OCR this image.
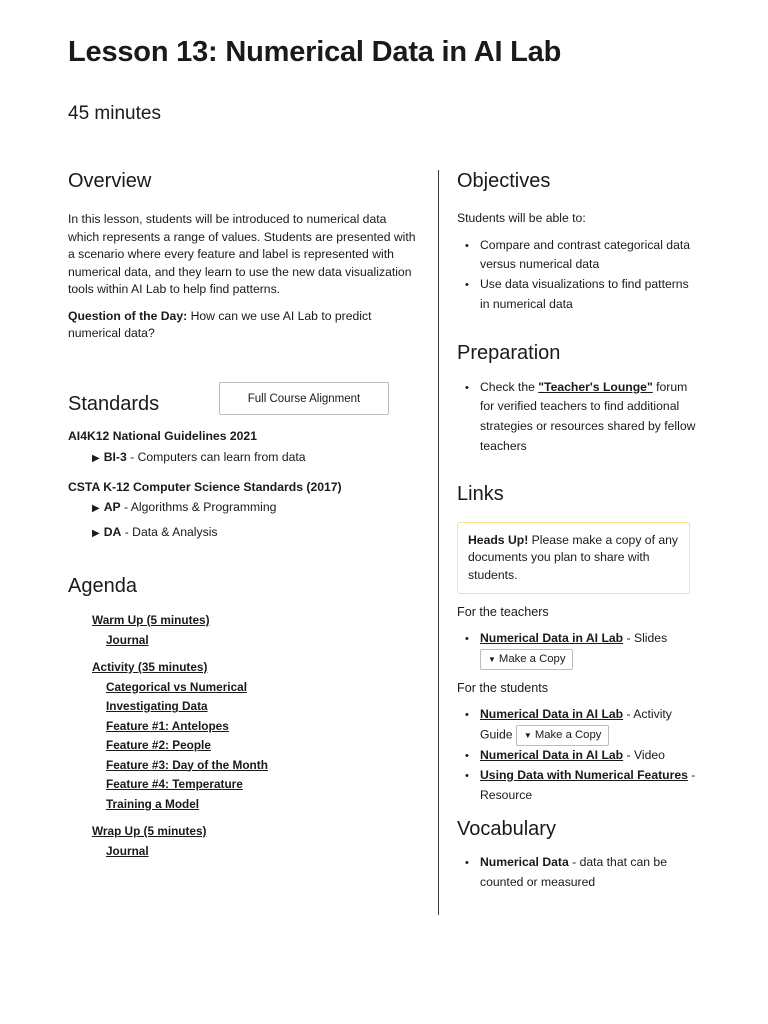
Lesson 13: Numerical Data in AI Lab
45 minutes
Overview

In this lesson, students will be introduced to numerical data which represents a range of values. Students are presented with a scenario where every feature and label is represented with numerical data, and they learn to use the new data visualization tools within AI Lab to help find patterns.

Question of the Day: How can we use AI Lab to predict numerical data?

Standards	Full Course Alignment
AI4K12 National Guidelines 2021
▶ BI-3 - Computers can learn from data
CSTA K-12 Computer Science Standards (2017)
▶ AP - Algorithms & Programming
▶ DA - Data & Analysis
Agenda
Warm Up (5 minutes)
Journal
Activity (35 minutes)
Categorical vs Numerical
Investigating Data
Feature #1: Antelopes
Feature #2: People
Feature #3: Day of the Month
Feature #4: Temperature
Training a Model
Wrap Up (5 minutes)
Journal
Objectives

Students will be able to:

• Compare and contrast categorical data versus numerical data
• Use data visualizations to find patterns in numerical data
Preparation
• Check the "Teacher's Lounge" forum for verified teachers to find additional strategies or resources shared by fellow teachers
Links

Heads Up! Please make a copy of any documents you plan to share with students.

For the teachers

• Numerical Data in AI Lab - Slides
▼ Make a Copy

For the students

• Numerical Data in AI Lab - Activity
Guide ▼ Make a Copy
• Numerical Data in AI Lab - Video
• Using Data with Numerical Features - Resource
Vocabulary
• Numerical Data - data that can be counted or measured
